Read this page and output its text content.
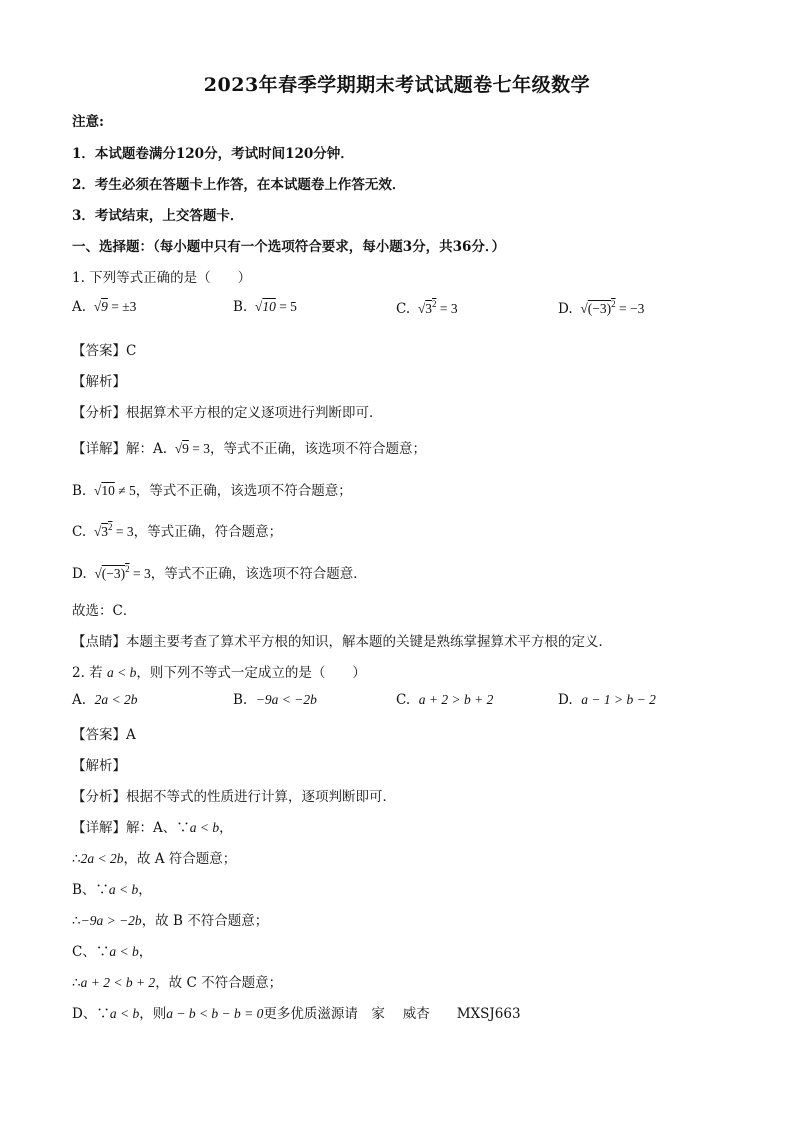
2023年春季学期期末考试试题卷七年级数学
注意:
1．本试题卷满分120分，考试时间120分钟．
2．考生必须在答题卡上作答，在本试题卷上作答无效．
3．考试结束，上交答题卡．
一、选择题：（每小题中只有一个选项符合要求，每小题3分，共36分．）
1. 下列等式正确的是（　　）
A.  √9 = ±3	B.  √10 = 5	C.  $√3^2 = 3$	D.  $√(-3)^2 = -3$
【答案】C
【解析】
【分析】根据算术平方根的定义逐项进行判断即可．
【详解】解：A.  √9 = 3，等式不正确，该选项不符合题意；
B.  √10 ≠ 5，等式不正确，该选项不符合题意；
C.  $√3^2 = 3$，等式正确，符合题意；
D.  $√(-3)^2 = 3$，等式不正确，该选项不符合题意．
故选：C．
【点睛】本题主要考查了算术平方根的知识，解本题的关键是熟练掌握算术平方根的定义．
2. 若 a < b，则下列不等式一定成立的是（　　）
A. 2a < 2b	B. −9a < −2b	C. a + 2 > b + 2	D. a − 1 > b − 2
【答案】A
【解析】
【分析】根据不等式的性质进行计算，逐项判断即可．
【详解】解：A、∵a < b，
∴2a < 2b，故 A 符合题意；
B、∵a < b，
∴−9a > −2b，故 B 不符合题意；
C、∵a < b，
∴a + 2 < b + 2，故 C 不符合题意；
D、∵a < b，则a − b < b − b = 0更多优质滋源请　家　 威杏　　MXSJ663
